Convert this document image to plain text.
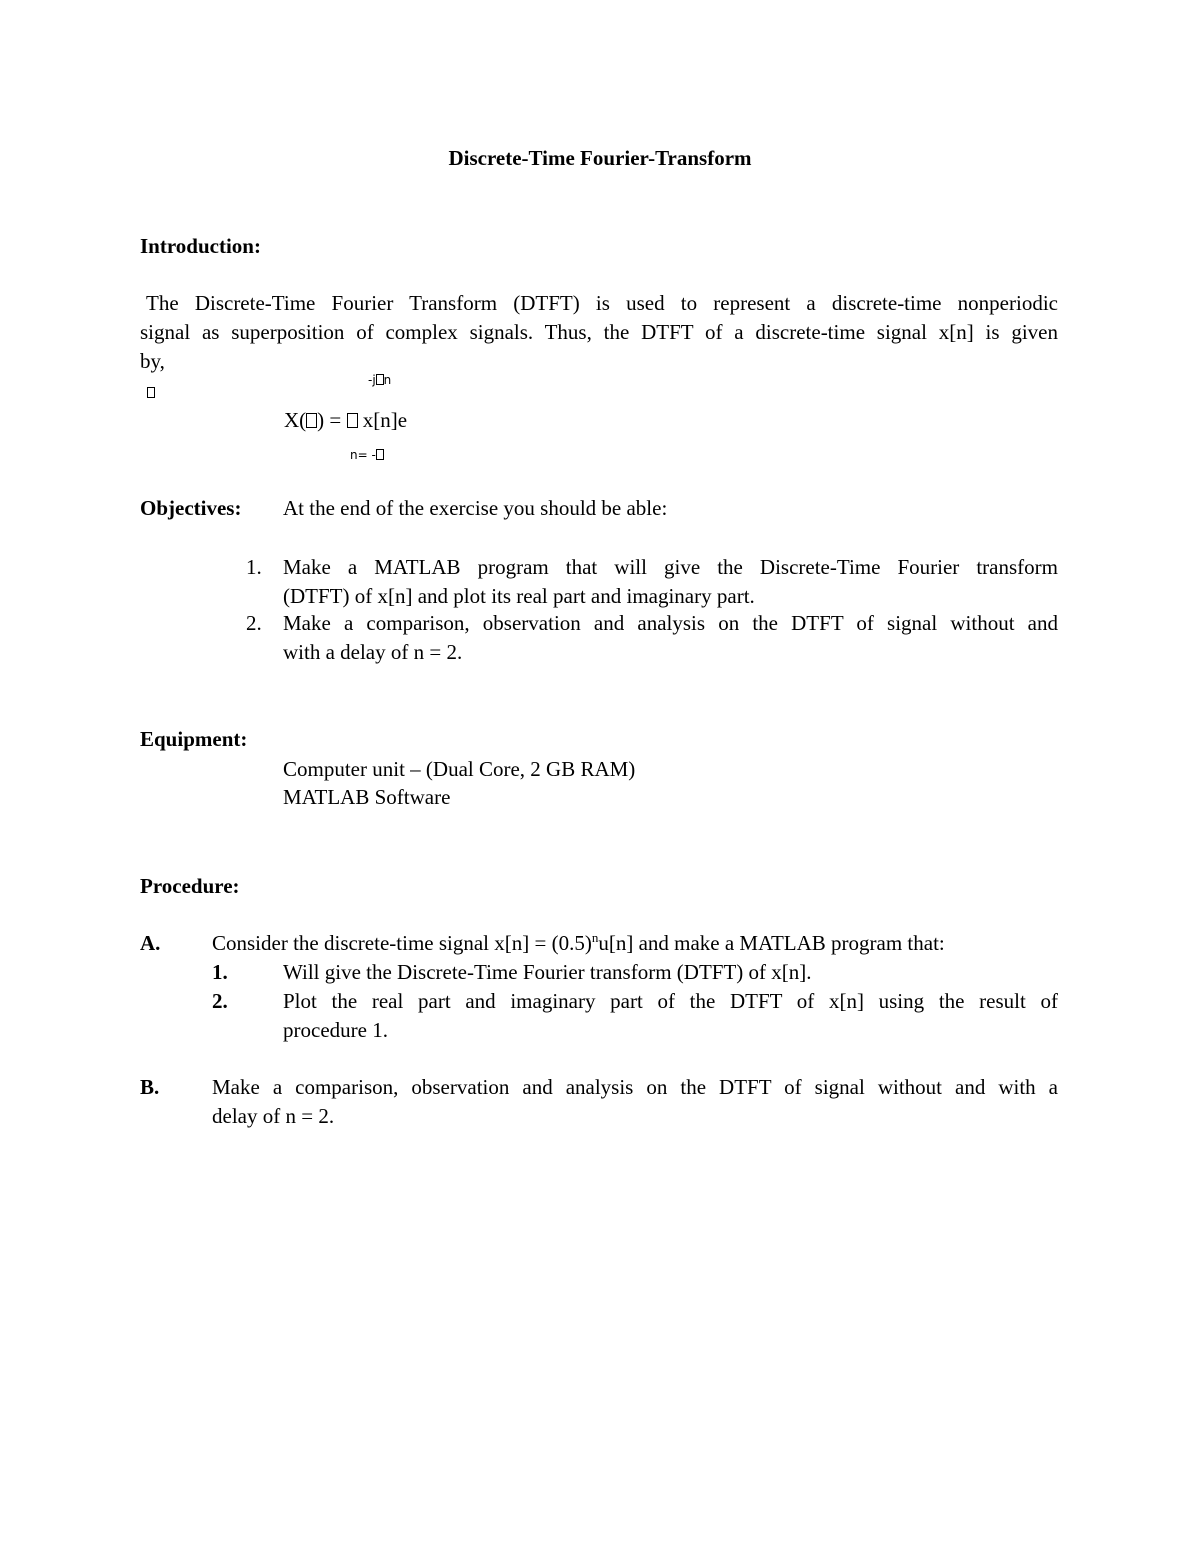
Discrete-Time Fourier-Transform
Introduction:
The Discrete-Time Fourier Transform (DTFT) is used to represent a discrete-time nonperiodic
signal as superposition of complex signals. Thus, the DTFT of a discrete-time signal x[n] is given
by,
-j n
X( ) = x[n]e
n= -
Objectives: At the end of the exercise you should be able:
1. Make a MATLAB program that will give the Discrete-Time Fourier transform
(DTFT) of x[n] and plot its real part and imaginary part.
2. Make a comparison, observation and analysis on the DTFT of signal without and
with a delay of n = 2.
Equipment:
Computer unit – (Dual Core, 2 GB RAM)
MATLAB Software
Procedure:
A. Consider the discrete-time signal $x[n] = (0.5)^nu[n]$ and make a MATLAB program that:
1.	Will give the Discrete-Time Fourier transform (DTFT) of x[n].
2.	Plot the real part and imaginary part of the DTFT of x[n] using the result of
procedure 1.
B.	Make a comparison, observation and analysis on the DTFT of signal without and with a
delay of n = 2.
